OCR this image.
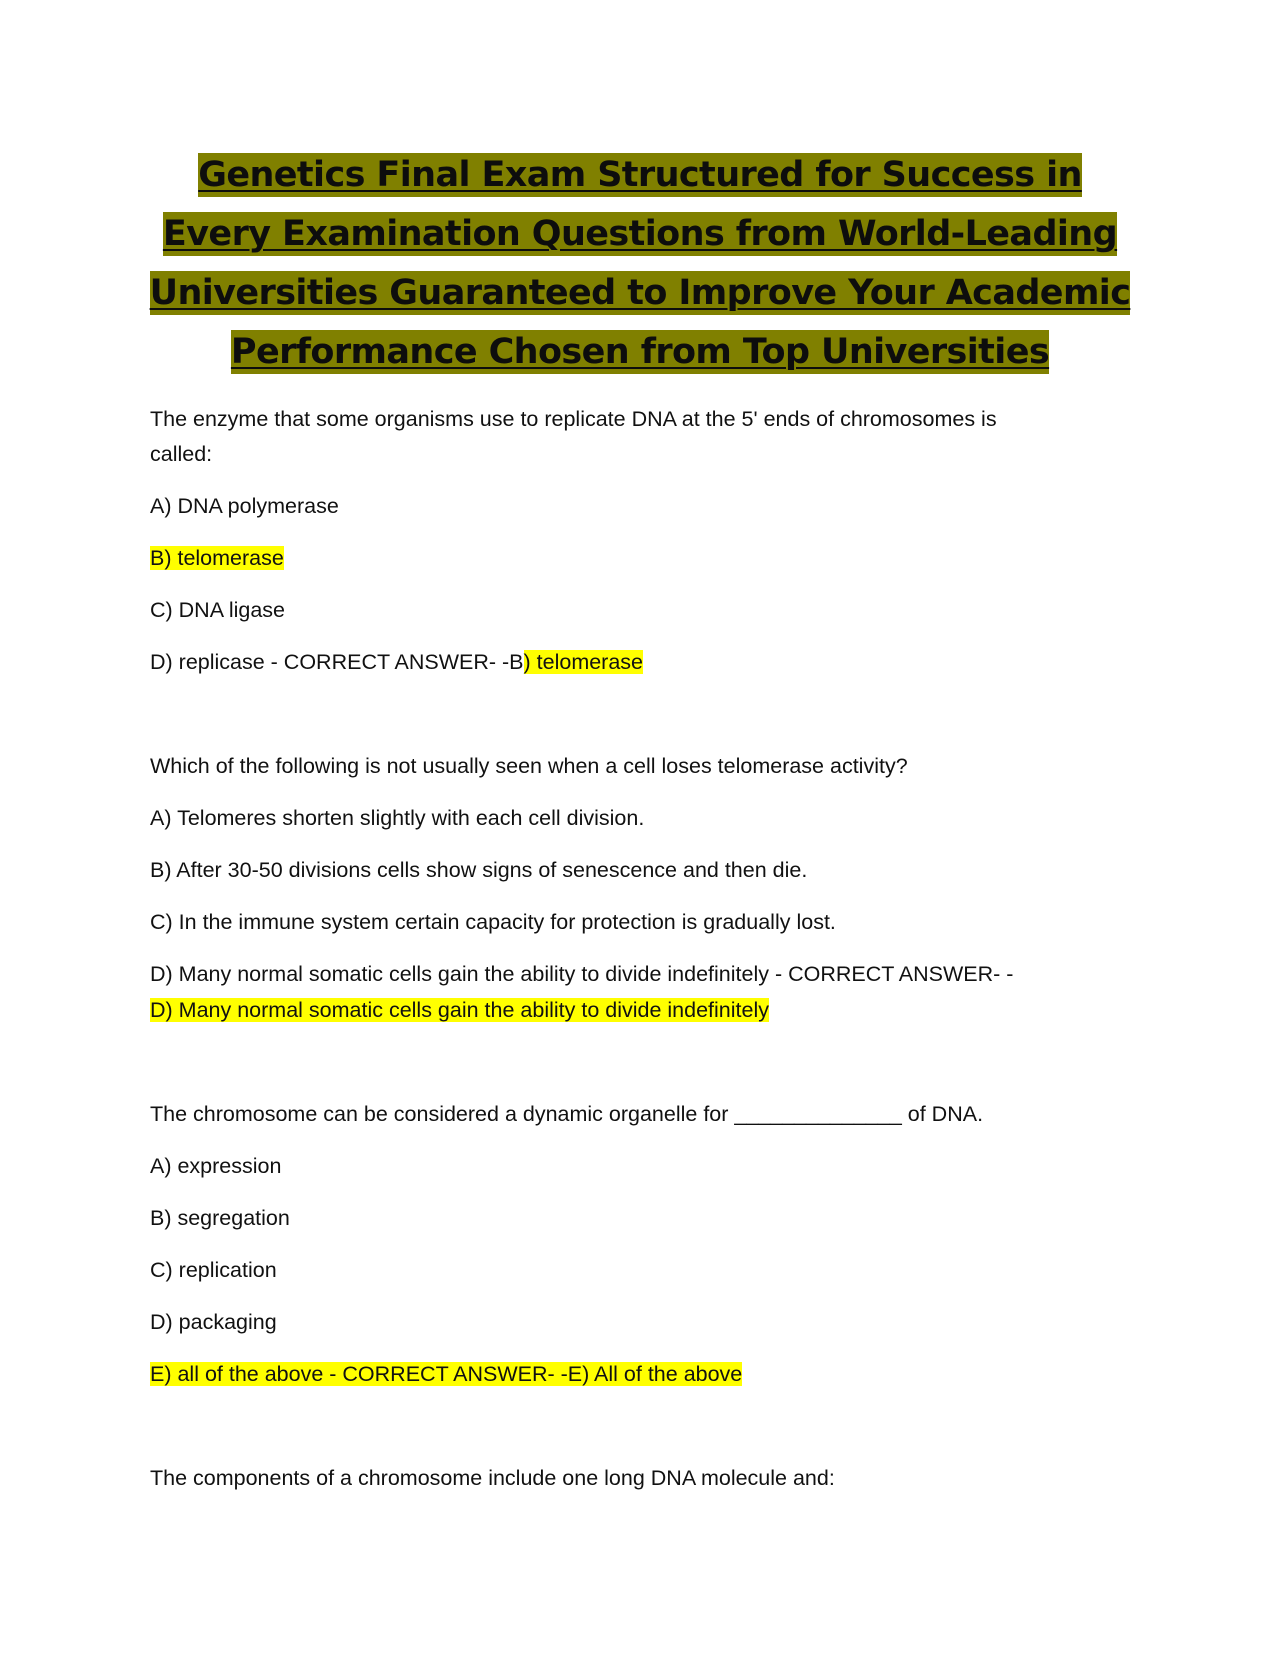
Genetics Final Exam Structured for Success in
Every Examination Questions from World-Leading
Universities Guaranteed to Improve Your Academic
Performance Chosen from Top Universities
The enzyme that some organisms use to replicate DNA at the 5' ends of chromosomes is
called:
A) DNA polymerase
B) telomerase
C) DNA ligase
D) replicase - CORRECT ANSWER- -B) telomerase
Which of the following is not usually seen when a cell loses telomerase activity?
A) Telomeres shorten slightly with each cell division.
B) After 30-50 divisions cells show signs of senescence and then die.
C) In the immune system certain capacity for protection is gradually lost.
D) Many normal somatic cells gain the ability to divide indefinitely - CORRECT ANSWER- -
D) Many normal somatic cells gain the ability to divide indefinitely
The chromosome can be considered a dynamic organelle for ______________ of DNA.
A) expression
B) segregation
C) replication
D) packaging
E) all of the above - CORRECT ANSWER- -E) All of the above
The components of a chromosome include one long DNA molecule and:
